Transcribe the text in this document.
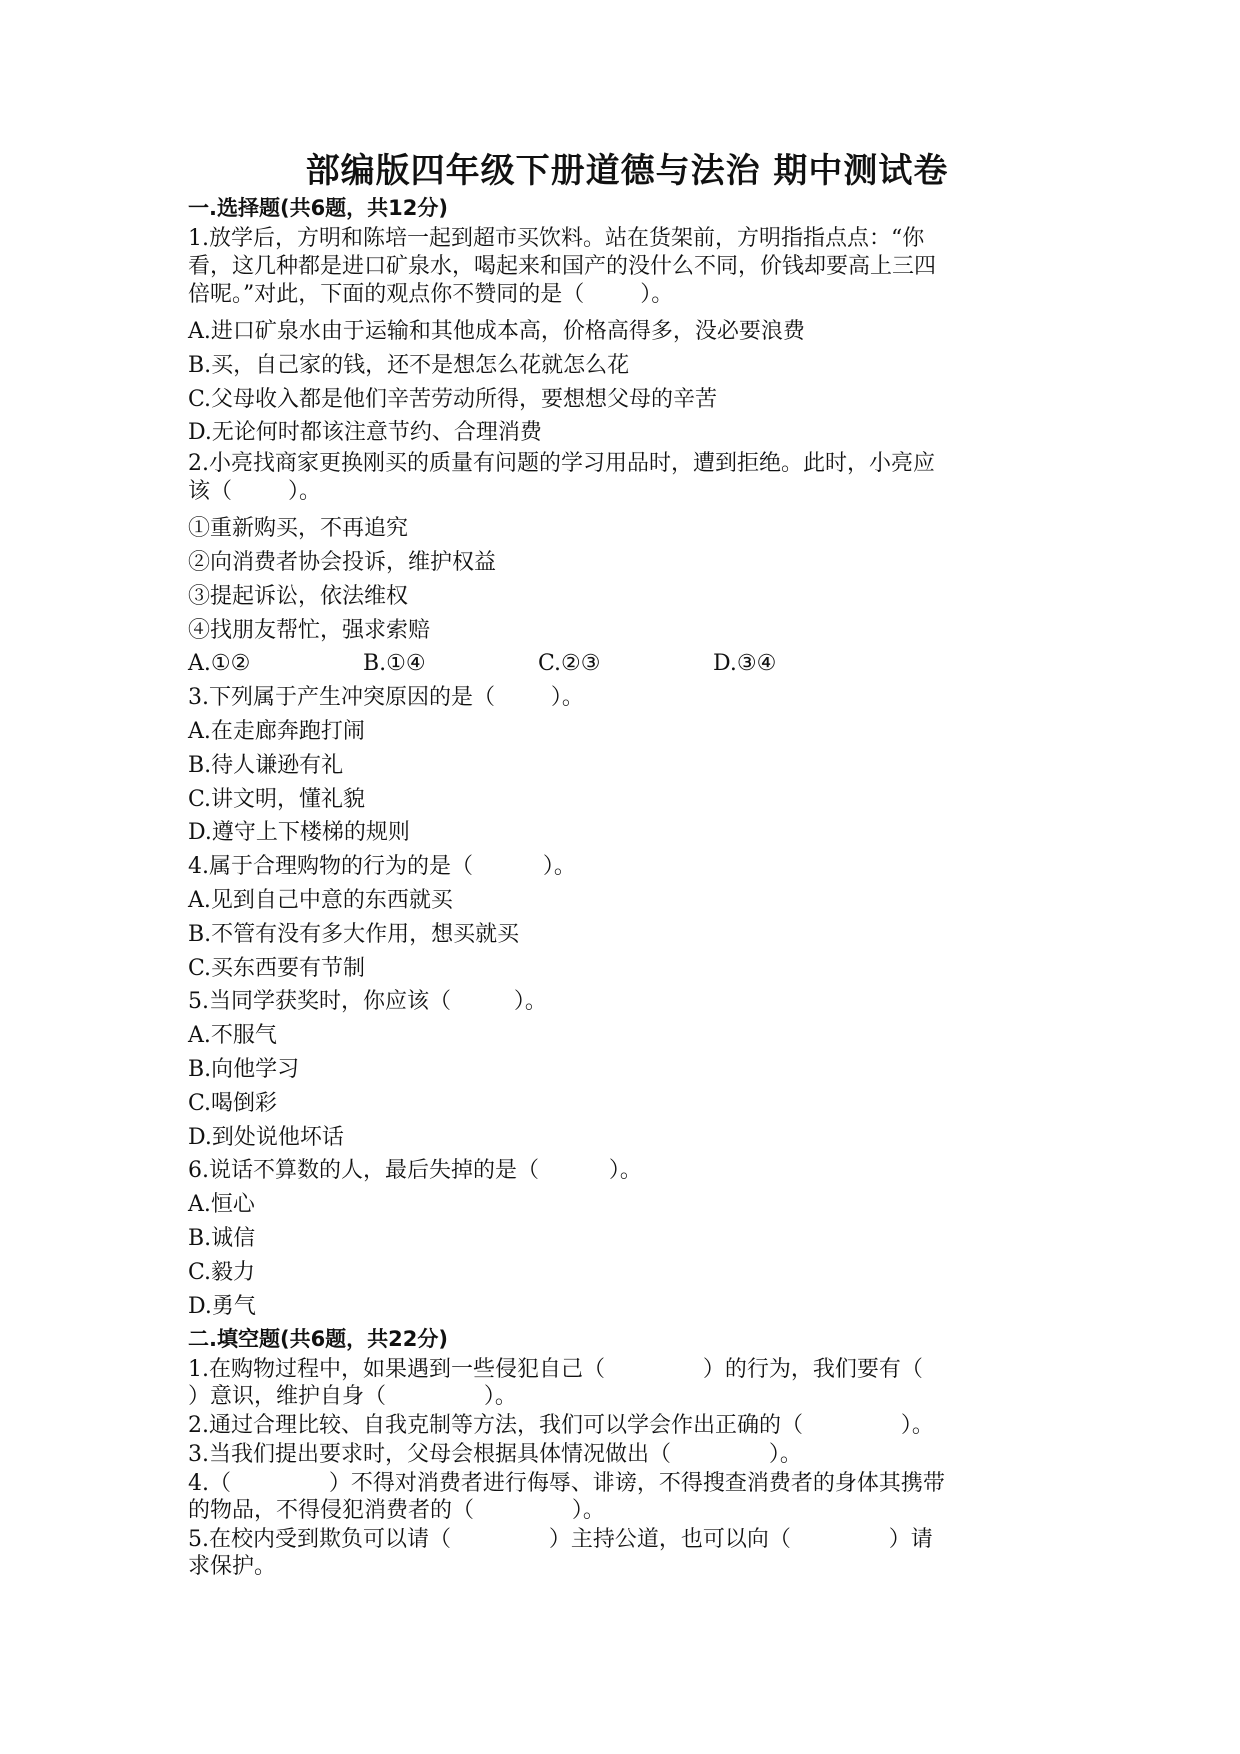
部编版四年级下册道德与法治 期中测试卷
一.选择题(共6题，共12分)
1.放学后，方明和陈培一起到超市买饮料。站在货架前，方明指指点点：“你
看，这几种都是进口矿泉水，喝起来和国产的没什么不同，价钱却要高上三四
倍呢。”对此，下面的观点你不赞同的是（        ）。

A.进口矿泉水由于运输和其他成本高，价格高得多，没必要浪费

B.买，自己家的钱，还不是想怎么花就怎么花

C.父母收入都是他们辛苦劳动所得，要想想父母的辛苦

D.无论何时都该注意节约、合理消费

2.小亮找商家更换刚买的质量有问题的学习用品时，遭到拒绝。此时，小亮应
该（        ）。

①重新购买，不再追究

②向消费者协会投诉，维护权益

③提起诉讼，依法维权

④找朋友帮忙，强求索赔

A.①②	B.①④	C.②③	D.③④

3.下列属于产生冲突原因的是（        ）。

A.在走廊奔跑打闹

B.待人谦逊有礼

C.讲文明，懂礼貌

D.遵守上下楼梯的规则

4.属于合理购物的行为的是（          ）。

A.见到自己中意的东西就买

B.不管有没有多大作用，想买就买

C.买东西要有节制

5.当同学获奖时，你应该（         ）。

A.不服气

B.向他学习

C.喝倒彩

D.到处说他坏话

6.说话不算数的人，最后失掉的是（          ）。

A.恒心

B.诚信

C.毅力

D.勇气

二.填空题(共6题，共22分)
1.在购物过程中，如果遇到一些侵犯自己（              ）的行为，我们要有（
）意识，维护自身（              ）。
2.通过合理比较、自我克制等方法，我们可以学会作出正确的（              ）。
3.当我们提出要求时，父母会根据具体情况做出（              ）。
4.（              ）不得对消费者进行侮辱、诽谤，不得搜查消费者的身体其携带
的物品，不得侵犯消费者的（              ）。
5.在校内受到欺负可以请（              ）主持公道，也可以向（              ）请
求保护。
